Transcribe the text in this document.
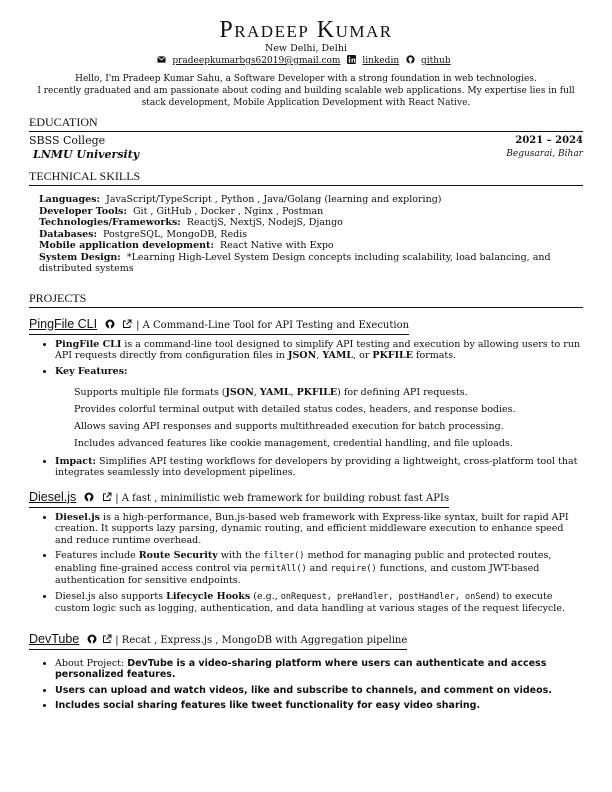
Pradeep Kumar
New Delhi, Delhi
pradeepkumarbgs62019@gmail.com linkedin github
Hello, I'm Pradeep Kumar Sahu, a Software Developer with a strong foundation in web technologies.
I recently graduated and am passionate about coding and building scalable web applications. My expertise lies in full stack development, Mobile Application Development with React Native.
EDUCATION
SBSS College	2021 – 2024
LNMU University	Begusarai, Bihar
TECHNICAL SKILLS
Languages: JavaScript/TypeScript , Python , Java/Golang (learning and exploring)
Developer Tools: Git , GitHub , Docker , Nginx , Postman
Technologies/Frameworks: ReactjS, NextjS, NodejS, Django
Databases: PostgreSQL, MongoDB, Redis
Mobile application development: React Native with Expo
System Design: *Learning High-Level System Design concepts including scalability, load balancing, and distributed systems
PROJECTS
PingFile CLI	| A Command-Line Tool for API Testing and Execution
• PingFile CLI is a command-line tool designed to simplify API testing and execution by allowing users to run API requests directly from configuration files in JSON, YAML, or PKFILE formats.
• Key Features:
Supports multiple file formats (JSON, YAML, PKFILE) for defining API requests.
Provides colorful terminal output with detailed status codes, headers, and response bodies.
Allows saving API responses and supports multithreaded execution for batch processing.
Includes advanced features like cookie management, credential handling, and file uploads.
• Impact: Simplifies API testing workflows for developers by providing a lightweight, cross-platform tool that integrates seamlessly into development pipelines.
Diesel.js	| A fast , minimilistic web framework for building robust fast APIs
• Diesel.js is a high-performance, Bun.js-based web framework with Express-like syntax, built for rapid API creation. It supports lazy parsing, dynamic routing, and efficient middleware execution to enhance speed and reduce runtime overhead.
• Features include Route Security with the filter() method for managing public and protected routes, enabling fine-grained access control via permitAll() and require() functions, and custom JWT-based authentication for sensitive endpoints.
• Diesel.js also supports Lifecycle Hooks (e.g., onRequest, preHandler, postHandler, onSend) to execute custom logic such as logging, authentication, and data handling at various stages of the request lifecycle.
DevTube	| Recat , Express.js , MongoDB with Aggregation pipeline
• About Project: DevTube is a video-sharing platform where users can authenticate and access personalized features.
• Users can upload and watch videos, like and subscribe to channels, and comment on videos.
• Includes social sharing features like tweet functionality for easy video sharing.
